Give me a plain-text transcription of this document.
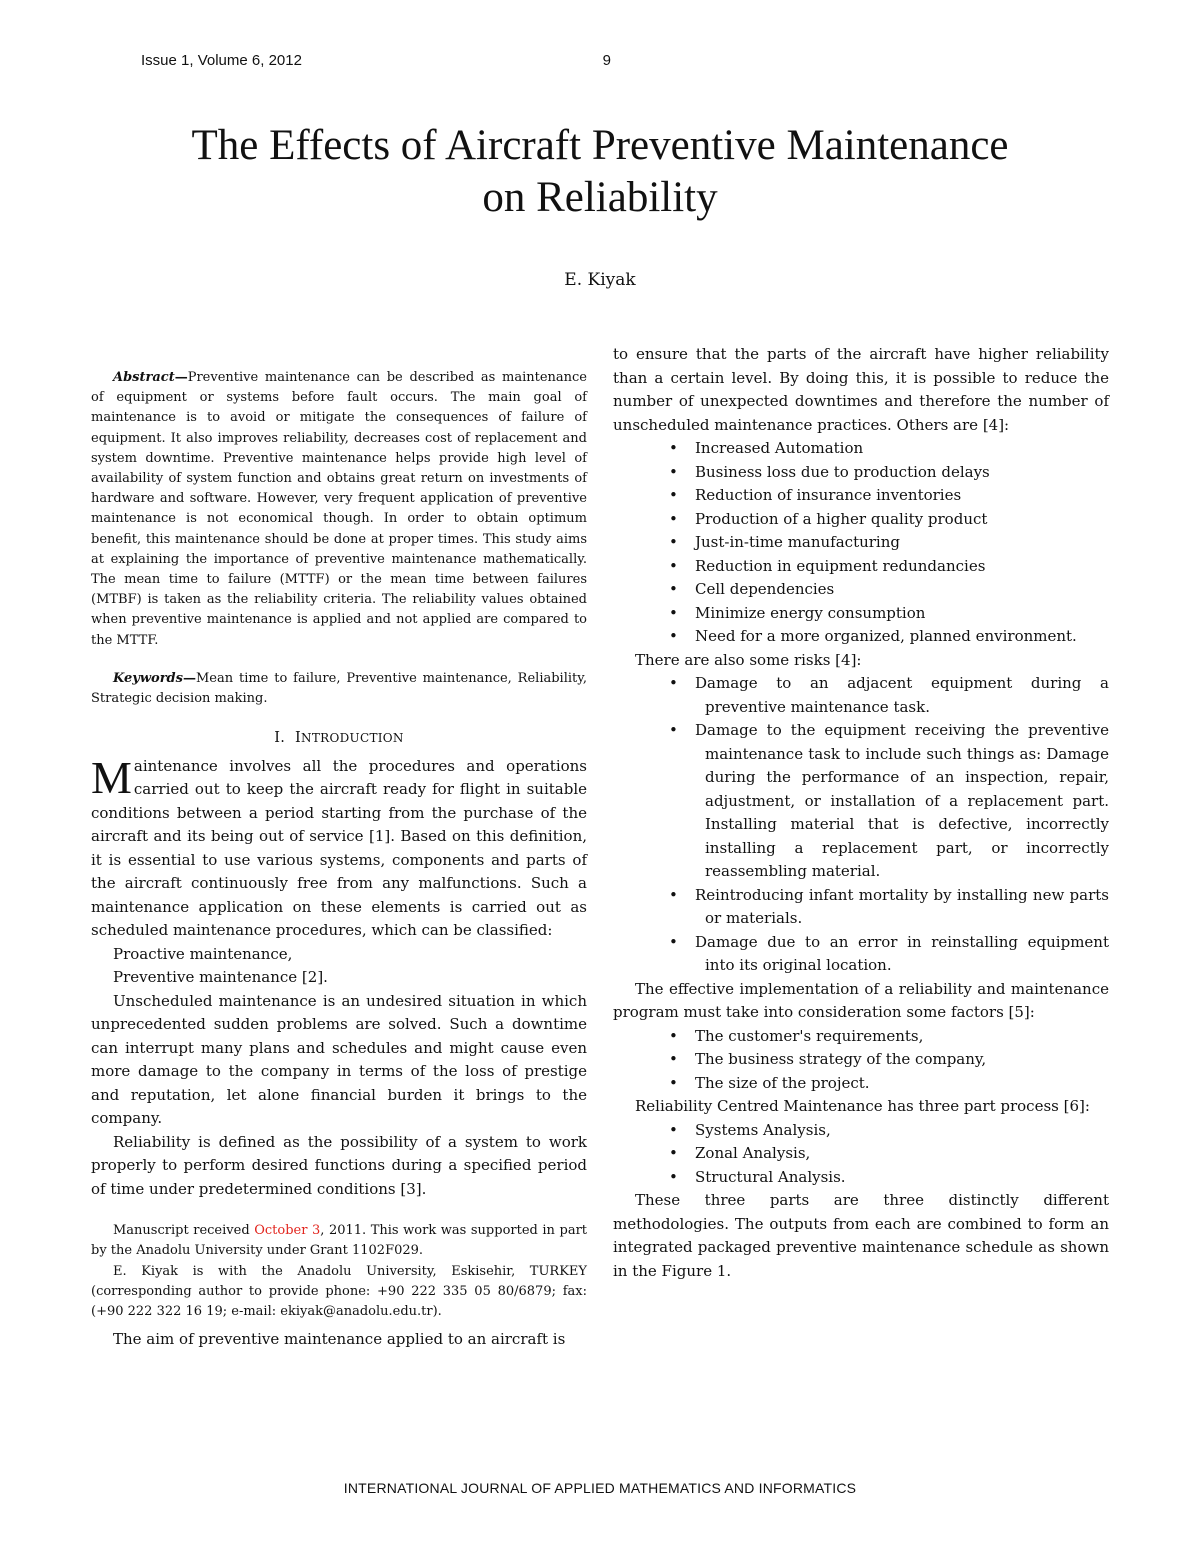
Issue 1, Volume 6, 2012	9
The Effects of Aircraft Preventive Maintenance
on Reliability
E. Kiyak

Abstract—Preventive maintenance can be described as maintenance of equipment or systems before fault occurs. The main goal of maintenance is to avoid or mitigate the consequences of failure of equipment. It also improves reliability, decreases cost of replacement and system downtime. Preventive maintenance helps provide high level of availability of system function and obtains great return on investments of hardware and software. However, very frequent application of preventive maintenance is not economical though. In order to obtain optimum benefit, this maintenance should be done at proper times. This study aims at explaining the importance of preventive maintenance mathematically. The mean time to failure (MTTF) or the mean time between failures (MTBF) is taken as the reliability criteria. The reliability values obtained when preventive maintenance is applied and not applied are compared to the MTTF.

Keywords—Mean time to failure, Preventive maintenance, Reliability, Strategic decision making.

I. INTRODUCTION

Maintenance involves all the procedures and operations carried out to keep the aircraft ready for flight in suitable conditions between a period starting from the purchase of the aircraft and its being out of service [1]. Based on this definition, it is essential to use various systems, components and parts of the aircraft continuously free from any malfunctions. Such a maintenance application on these elements is carried out as scheduled maintenance procedures, which can be classified:

Proactive maintenance,

Preventive maintenance [2].

Unscheduled maintenance is an undesired situation in which unprecedented sudden problems are solved. Such a downtime can interrupt many plans and schedules and might cause even more damage to the company in terms of the loss of prestige and reputation, let alone financial burden it brings to the company.

Reliability is defined as the possibility of a system to work properly to perform desired functions during a specified period of time under predetermined conditions [3].

Manuscript received October 3, 2011. This work was supported in part by the Anadolu University under Grant 1102F029.

E. Kiyak is with the Anadolu University, Eskisehir, TURKEY (corresponding author to provide phone: +90 222 335 05 80/6879; fax: (+90 222 322 16 19; e-mail: ekiyak@anadolu.edu.tr).

The aim of preventive maintenance applied to an aircraft is

to ensure that the parts of the aircraft have higher reliability than a certain level. By doing this, it is possible to reduce the number of unexpected downtimes and therefore the number of unscheduled maintenance practices. Others are [4]:

• Increased Automation
• Business loss due to production delays
• Reduction of insurance inventories
• Production of a higher quality product
• Just-in-time manufacturing
• Reduction in equipment redundancies
• Cell dependencies
• Minimize energy consumption
• Need for a more organized, planned environment.

There are also some risks [4]:

• Damage to an adjacent equipment during a preventive maintenance task.
• Damage to the equipment receiving the preventive maintenance task to include such things as: Damage during the performance of an inspection, repair, adjustment, or installation of a replacement part. Installing material that is defective, incorrectly installing a replacement part, or incorrectly reassembling material.
• Reintroducing infant mortality by installing new parts or materials.
• Damage due to an error in reinstalling equipment into its original location.

The effective implementation of a reliability and maintenance program must take into consideration some factors [5]:

• The customer's requirements,
• The business strategy of the company,
• The size of the project.

Reliability Centred Maintenance has three part process [6]:

• Systems Analysis,
• Zonal Analysis,
• Structural Analysis.

These three parts are three distinctly different methodologies. The outputs from each are combined to form an integrated packaged preventive maintenance schedule as shown in the Figure 1.

INTERNATIONAL JOURNAL OF APPLIED MATHEMATICS AND INFORMATICS
